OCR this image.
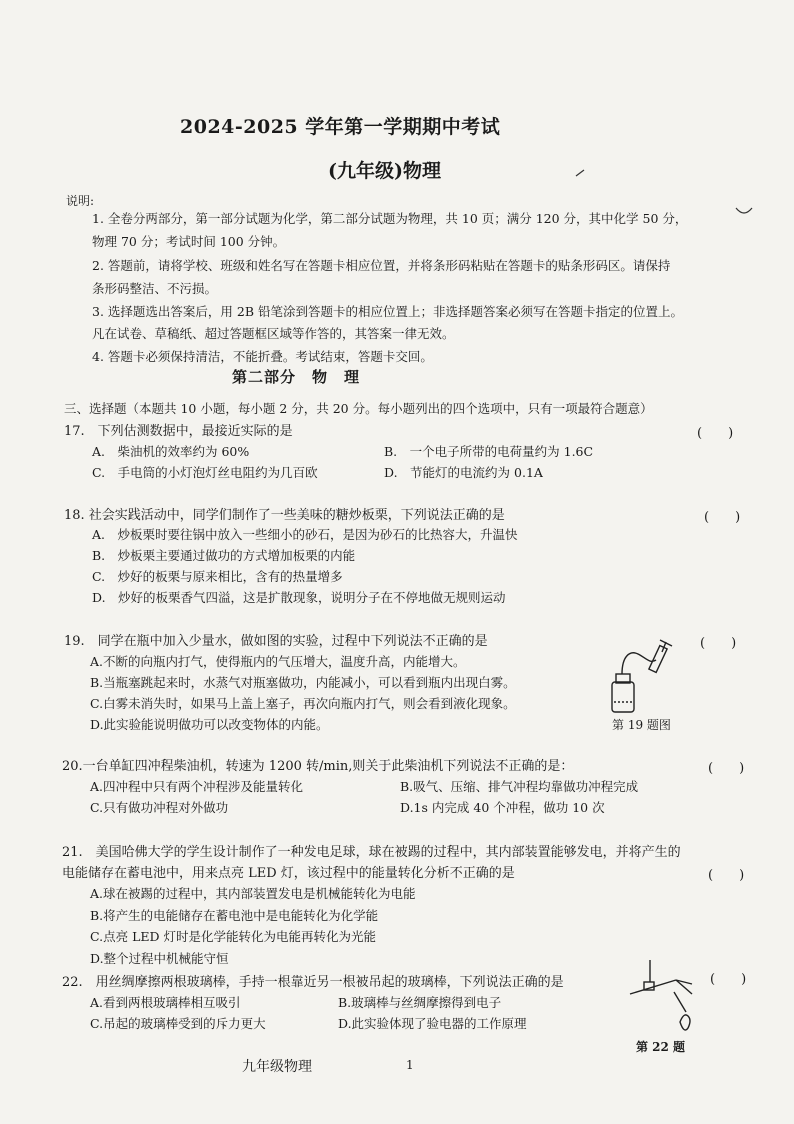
2024-2025 学年第一学期期中考试
(九年级)物理
说明:
1. 全卷分两部分，第一部分试题为化学，第二部分试题为物理，共 10 页；满分 120 分，其中化学 50 分，
物理 70 分；考试时间 100 分钟。
2. 答题前，请将学校、班级和姓名写在答题卡相应位置，并将条形码粘贴在答题卡的贴条形码区。请保持
条形码整洁、不污损。
3. 选择题选出答案后，用 2B 铅笔涂到答题卡的相应位置上；非选择题答案必须写在答题卡指定的位置上。
凡在试卷、草稿纸、超过答题框区域等作答的，其答案一律无效。
4. 答题卡必须保持清洁，不能折叠。考试结束，答题卡交回。
第二部分　物　理
三、选择题（本题共 10 小题，每小题 2 分，共 20 分。每小题列出的四个选项中，只有一项最符合题意）
17.　下列估测数据中，最接近实际的是	(　　)
A.　柴油机的效率约为 60%	B.　一个电子所带的电荷量约为 1.6C
C.　手电筒的小灯泡灯丝电阻约为几百欧	D.　节能灯的电流约为 0.1A
18. 社会实践活动中，同学们制作了一些美味的糖炒板栗，下列说法正确的是	(　　)
A.　炒板栗时要往锅中放入一些细小的砂石，是因为砂石的比热容大，升温快
B.　炒板栗主要通过做功的方式增加板栗的内能
C.　炒好的板栗与原来相比，含有的热量增多
D.　炒好的板栗香气四溢，这是扩散现象，说明分子在不停地做无规则运动
19.　同学在瓶中加入少量水，做如图的实验，过程中下列说法不正确的是	(　　)
A.不断的向瓶内打气，使得瓶内的气压增大，温度升高，内能增大。
B.当瓶塞跳起来时，水蒸气对瓶塞做功，内能减小，可以看到瓶内出现白雾。
C.白雾未消失时，如果马上盖上塞子，再次向瓶内打气，则会看到液化现象。
D.此实验能说明做功可以改变物体的内能。	第 19 题图
20.一台单缸四冲程柴油机，转速为 1200 转/min,则关于此柴油机下列说法不正确的是：	(　　)
A.四冲程中只有两个冲程涉及能量转化	B.吸气、压缩、排气冲程均靠做功冲程完成
C.只有做功冲程对外做功	D.1s 内完成 40 个冲程，做功 10 次
21.　美国哈佛大学的学生设计制作了一种发电足球，球在被踢的过程中，其内部装置能够发电，并将产生的
电能储存在蓄电池中，用来点亮 LED 灯，该过程中的能量转化分析不正确的是	(　　)
A.球在被踢的过程中，其内部装置发电是机械能转化为电能
B.将产生的电能储存在蓄电池中是电能转化为化学能
C.点亮 LED 灯时是化学能转化为电能再转化为光能
D.整个过程中机械能守恒
22.　用丝绸摩擦两根玻璃棒，手持一根靠近另一根被吊起的玻璃棒，下列说法正确的是	(　　)
A.看到两根玻璃棒相互吸引	B.玻璃棒与丝绸摩擦得到电子
C.吊起的玻璃棒受到的斥力更大	D.此实验体现了验电器的工作原理
第 22 题
九年级物理	1
